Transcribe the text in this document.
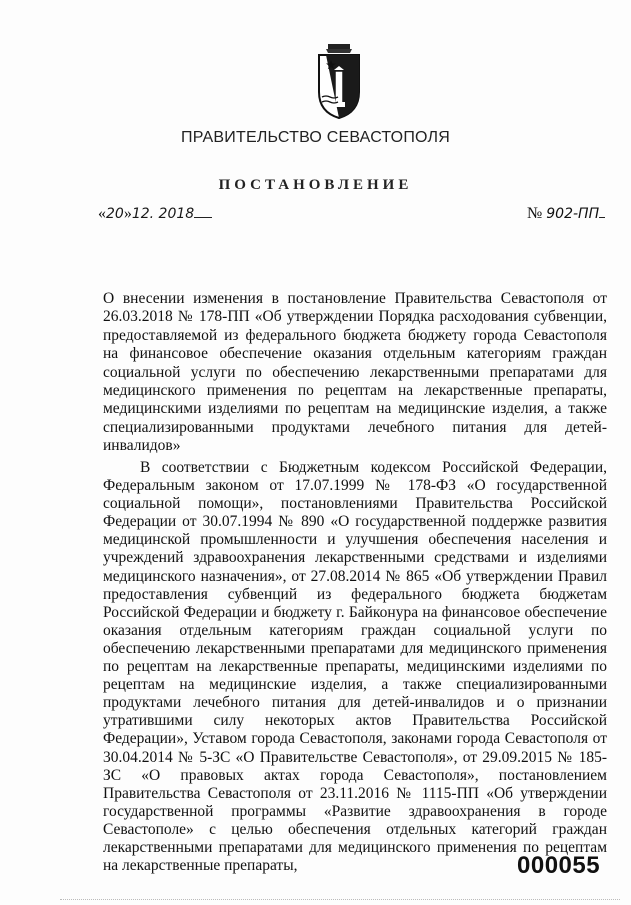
ПРАВИТЕЛЬСТВО СЕВАСТОПОЛЯ
ПОСТАНОВЛЕНИЕ
«20»12. 2018	№ 902-ПП
О внесении изменения в постановление Правительства Севастополя от 26.03.2018 № 178-ПП «Об утверждении Порядка расходования субвенции, предоставляемой из федерального бюджета бюджету города Севастополя на финансовое обеспечение оказания отдельным категориям граждан социальной услуги по обеспечению лекарственными препаратами для медицинского применения по рецептам на лекарственные препараты, медицинскими изделиями по рецептам на медицинские изделия, а также специализированными продуктами лечебного питания для детей-инвалидов»
В соответствии с Бюджетным кодексом Российской Федерации, Федеральным законом от 17.07.1999 № 178-ФЗ «О государственной социальной помощи», постановлениями Правительства Российской Федерации от 30.07.1994 № 890 «О государственной поддержке развития медицинской промышленности и улучшения обеспечения населения и учреждений здравоохранения лекарственными средствами и изделиями медицинского назначения», от 27.08.2014 № 865 «Об утверждении Правил предоставления субвенций из федерального бюджета бюджетам Российской Федерации и бюджету г. Байконура на финансовое обеспечение оказания отдельным категориям граждан социальной услуги по обеспечению лекарственными препаратами для медицинского применения по рецептам на лекарственные препараты, медицинскими изделиями по рецептам на медицинские изделия, а также специализированными продуктами лечебного питания для детей-инвалидов и о признании утратившими силу некоторых актов Правительства Российской Федерации», Уставом города Севастополя, законами города Севастополя от 30.04.2014 № 5-ЗС «О Правительстве Севастополя», от 29.09.2015 № 185-ЗС «О правовых актах города Севастополя», постановлением Правительства Севастополя от 23.11.2016 № 1115-ПП «Об утверждении государственной программы «Развитие здравоохранения в городе Севастополе» с целью обеспечения отдельных категорий граждан лекарственными препаратами для медицинского применения по рецептам на лекарственные препараты,	000055
